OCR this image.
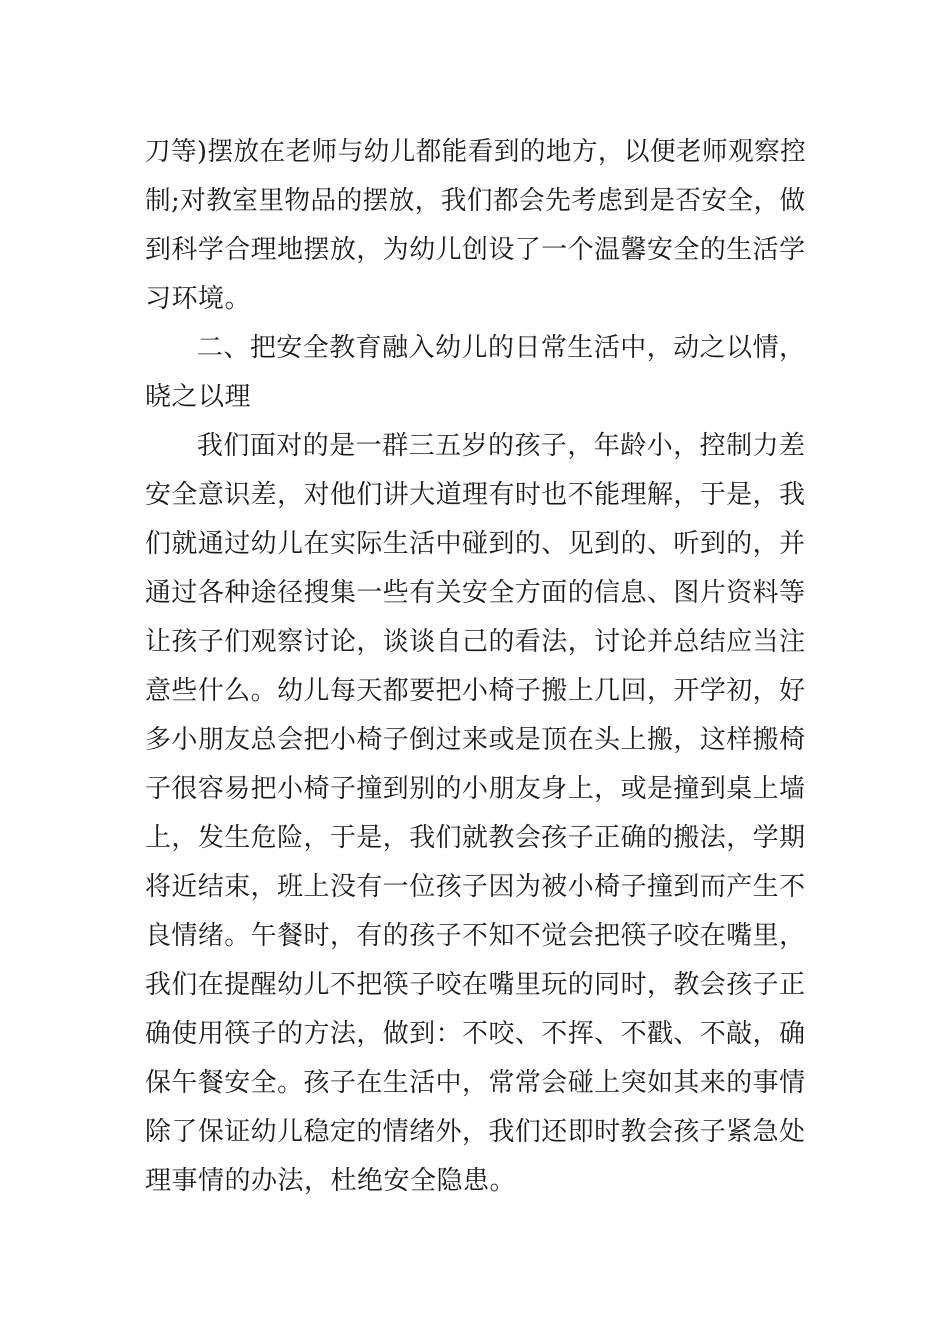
刀等)摆放在老师与幼儿都能看到的地方，以便老师观察控
制;对教室里物品的摆放，我们都会先考虑到是否安全，做
到科学合理地摆放，为幼儿创设了一个温馨安全的生活学
习环境。
二、把安全教育融入幼儿的日常生活中，动之以情，
晓之以理
我们面对的是一群三五岁的孩子，年龄小，控制力差
安全意识差，对他们讲大道理有时也不能理解，于是，我
们就通过幼儿在实际生活中碰到的、见到的、听到的，并
通过各种途径搜集一些有关安全方面的信息、图片资料等
让孩子们观察讨论，谈谈自己的看法，讨论并总结应当注
意些什么。幼儿每天都要把小椅子搬上几回，开学初，好
多小朋友总会把小椅子倒过来或是顶在头上搬，这样搬椅
子很容易把小椅子撞到别的小朋友身上，或是撞到桌上墙
上，发生危险，于是，我们就教会孩子正确的搬法，学期
将近结束，班上没有一位孩子因为被小椅子撞到而产生不
良情绪。午餐时，有的孩子不知不觉会把筷子咬在嘴里，
我们在提醒幼儿不把筷子咬在嘴里玩的同时，教会孩子正
确使用筷子的方法，做到：不咬、不挥、不戳、不敲，确
保午餐安全。孩子在生活中，常常会碰上突如其来的事情
除了保证幼儿稳定的情绪外，我们还即时教会孩子紧急处
理事情的办法，杜绝安全隐患。
